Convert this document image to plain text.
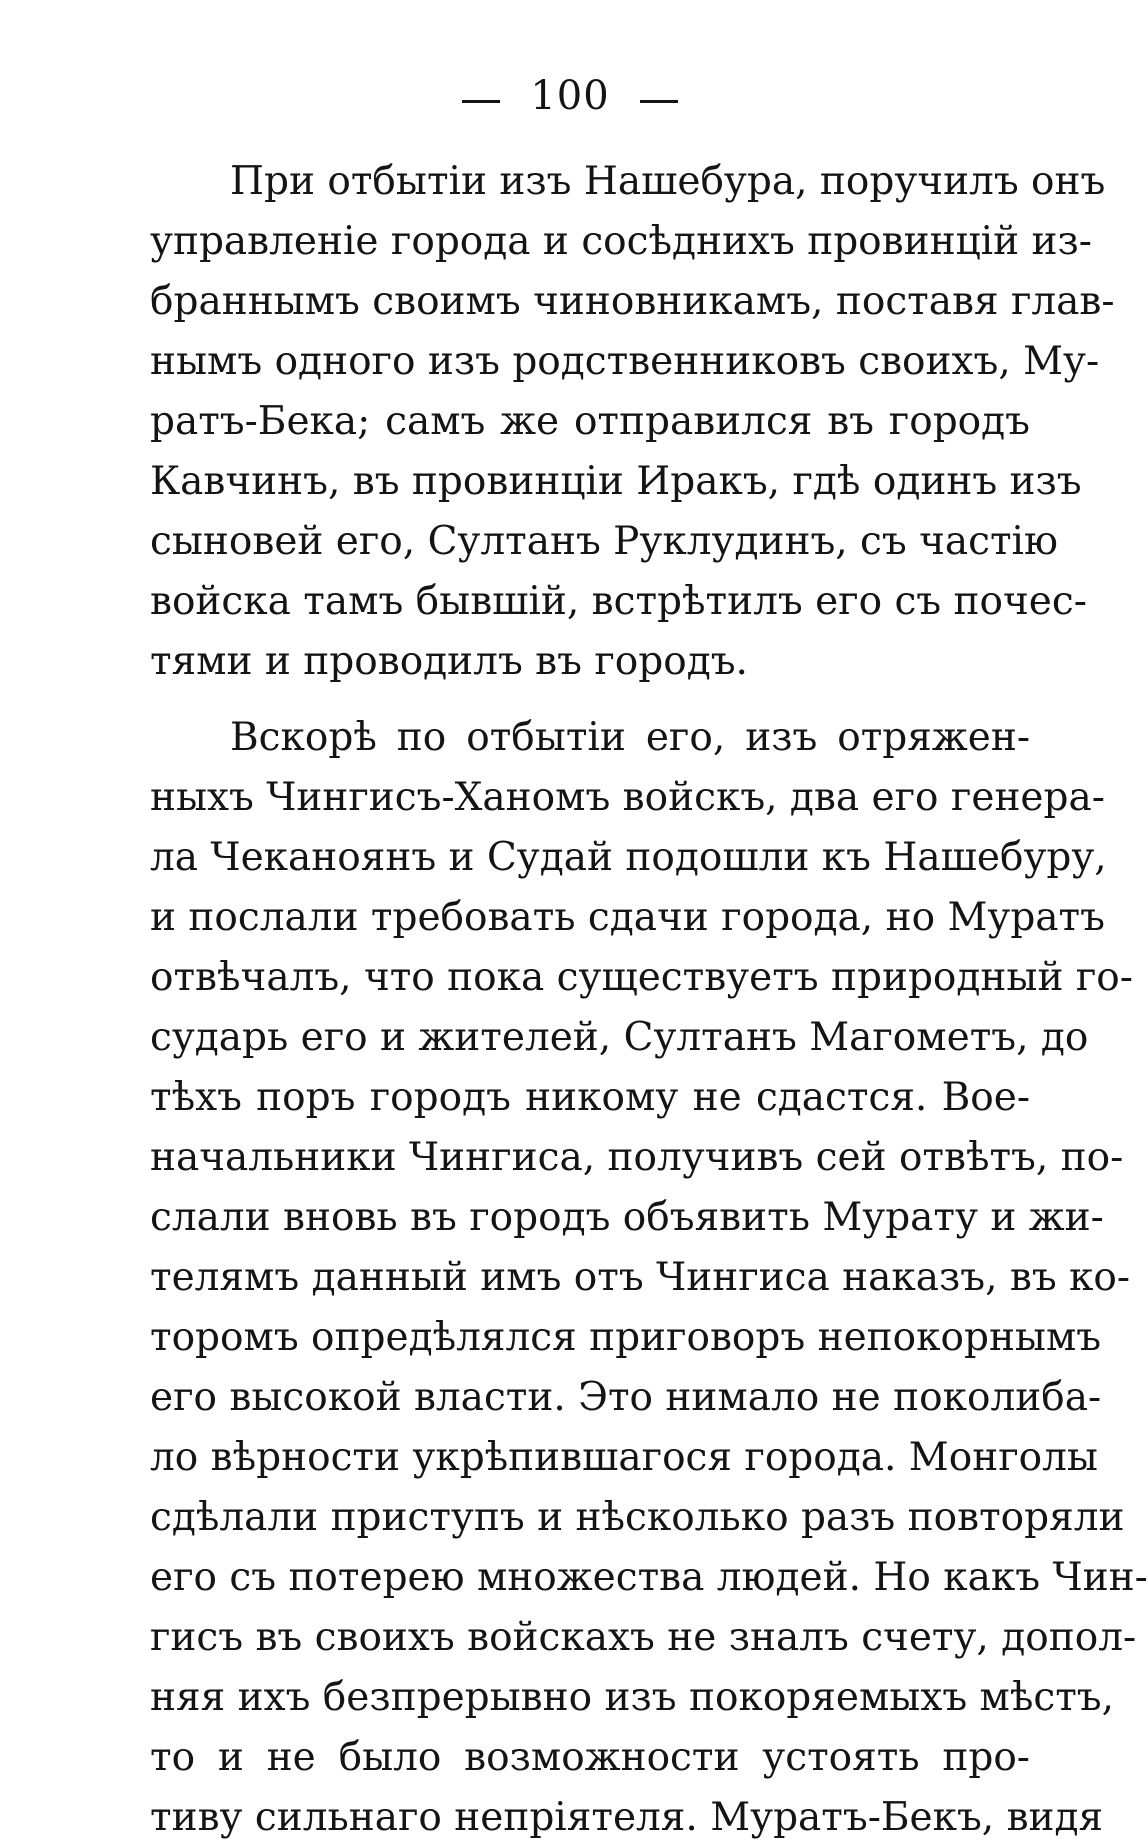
100
При отбытіи изъ Нашебура, поручилъ онъ
управленіе города и сосѣднихъ провинцій из-
браннымъ своимъ чиновникамъ, поставя глав-
нымъ одного изъ родственниковъ своихъ, Му-
ратъ-Бека; самъ же отправился въ городъ
Кавчинъ, въ провинціи Иракъ, гдѣ одинъ изъ
сыновей его, Султанъ Руклудинъ, съ частію
войска тамъ бывшій, встрѣтилъ его съ почес-
тями и проводилъ въ городъ.
Вскорѣ по отбытіи его, изъ отряжен-
ныхъ Чингисъ-Ханомъ войскъ, два его генера-
ла Чеканоянъ и Судай подошли къ Нашебуру,
и послали требовать сдачи города, но Муратъ
отвѣчалъ, что пока существуетъ природный го-
сударь его и жителей, Султанъ Магометъ, до
тѣхъ поръ городъ никому не сдастся. Вое-
начальники Чингиса, получивъ сей отвѣтъ, по-
слали вновь въ городъ объявить Мурату и жи-
телямъ данный имъ отъ Чингиса наказъ, въ ко-
торомъ опредѣлялся приговоръ непокорнымъ
его высокой власти. Это нимало не поколиба-
ло вѣрности укрѣпившагося города. Монголы
сдѣлали приступъ и нѣсколько разъ повторяли
его съ потерею множества людей. Но какъ Чин-
гисъ въ своихъ войскахъ не зналъ счету, допол-
няя ихъ безпрерывно изъ покоряемыхъ мѣстъ,
то и не было возможности устоять про-
тиву сильнаго непріятеля. Муратъ-Бекъ, видя
